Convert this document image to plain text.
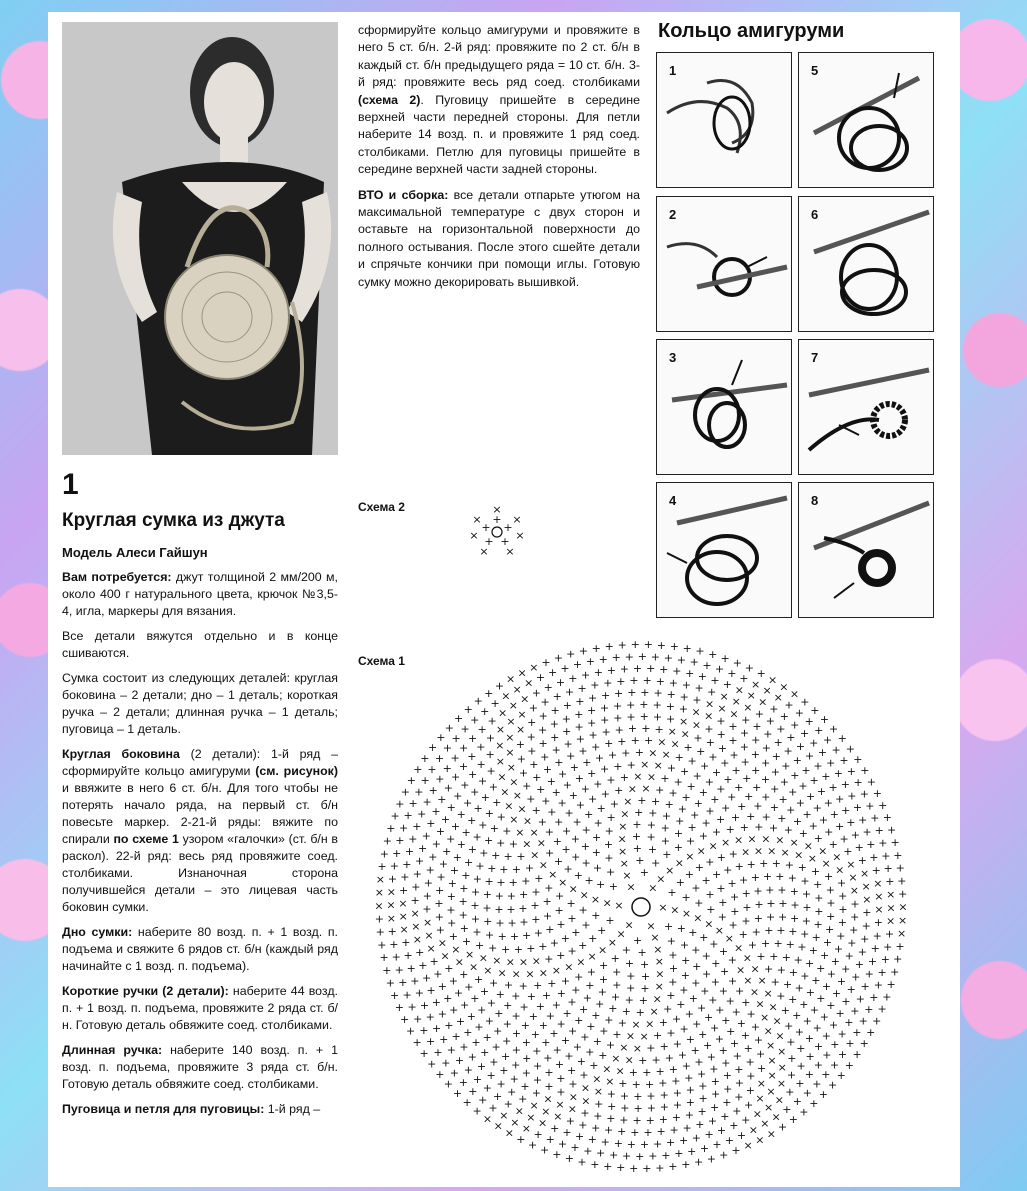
1
Круглая сумка из джута
Модель Алеси Гайшун

Вам потребуется: джут толщиной 2 мм/200 м, около 400 г натурального цвета, крючок №3,5-4, игла, маркеры для вязания.

Все детали вяжутся отдельно и в конце сшиваются.

Сумка состоит из следующих деталей: круглая боковина – 2 детали; дно – 1 деталь; короткая ручка – 2 детали; длинная ручка – 1 деталь; пуговица – 1 деталь.

Круглая боковина (2 детали): 1-й ряд – сформируйте кольцо амигуруми (см. рисунок) и ввяжите в него 6 ст. б/н. Для того чтобы не потерять начало ряда, на первый ст. б/н повесьте маркер. 2-21-й ряды: вяжите по спирали по схеме 1 узором «галочки» (ст. б/н в раскол). 22-й ряд: весь ряд провяжите соед. столбиками. Изнаночная сторона получившейся детали – это лицевая часть боковин сумки.

Дно сумки: наберите 80 возд. п. + 1 возд. п. подъема и свяжите 6 рядов ст. б/н (каждый ряд начинайте с 1 возд. п. подъема).

Короткие ручки (2 детали): наберите 44 возд. п. + 1 возд. п. подъема, провяжите 2 ряда ст. б/н. Готовую деталь обвяжите соед. столбиками.

Длинная ручка: наберите 140 возд. п. + 1 возд. п. подъема, провяжите 3 ряда ст. б/н. Готовую деталь обвяжите соед. столбиками.

Пуговица и петля для пуговицы: 1-й ряд –

сформируйте кольцо амигуруми и провяжите в него 5 ст. б/н. 2-й ряд: провяжите по 2 ст. б/н в каждый ст. б/н предыдущего ряда = 10 ст. б/н. 3-й ряд: провяжите весь ряд соед. столбиками (схема 2). Пуговицу пришейте в середине верхней части передней стороны. Для петли наберите 14 возд. п. и провяжите 1 ряд соед. столбиками. Петлю для пуговицы пришейте в середине верхней части задней стороны.

ВТО и сборка: все детали отпарьте утюгом на максимальной температуре с двух сторон и оставьте на горизонтальной поверхности до полного остывания. После этого сшейте детали и спрячьте кончики при помощи иглы. Готовую сумку можно декорировать вышивкой.

Кольцо амигуруми
1	5
2	6
3	7
4	8
Схема 2
+
+
+
+
+
×
×
×
×
×
×
×
Схема 1
×
×
×
×
× ×
×
+
×
+
×
+
×
+
× + ×
+
×
+
+
×
+
+
×
+
+
×
+
+
× + +
×
+
+
×
+
+
+
×
+
+
+
×
+
+
+
×
+
+
+
× + + +
×
+
+
+
×
+
+
+
+
×
+
+
+
+
×
+
+
+
+
×
+
+
+
+ × + + + +
×
+
+
+
+
×
+
+
+
+
+
×
+
+
+
+
+
×
+
+
+
+
+
×
+
+
+
+
+ × + + + +
+
×
+
+
+
+
+
×
+
+
+
+
+
+
×
+
+
+
+
+
+
×
+
+
+
+
+
+
×
+
+
+
+
+ + × + + + +
+
+
×
+
+
+
+
+
+
×
+
+
+
+
+
+
+
×
+
+
+
+
+
+
+
×
+
+
+
+
+
+
+
×
+
+
+
+
+ + + × + + + + +
+
+
×
+
+
+
+
+
+
+
×
×
+
+
+
+
+
+
+
×
×
+
+
+
+
+
+
+
×
×
+
+
+
+
+
+
+
×
×
+
+
+
+ + + + × × + + + +
+
+
+
×
×
+
+
+
+
+
+
+
×
×
+
+
+
+
+
+
+
+
×
×
+
+
+
+
+
+
+
+
×
×
+
+
+
+
+
+
+
+
×
×
+
+
+
+ + + + + × × + + + +
+
+
+
+
×
×
+
+
+
+
+
+
+
+
×
×
+
+
+
+
+
+
+
+
+
×
×
+
+
+
+
+
+
+
+
+
×
×
+
+
+
+
+
+
+
+
+
×
×
+
+
+
+ + + + + + × × + + + +
+
+
+
+
+
×
×
+
+
+
+
+
+
+
+
+
×
×
+
+
+
+
+
+
+
+
+
+
×
×
+
+
+
+
+
+
+
+
+
+
×
×
+
+
+
+
+
+
+
+
+
+
×
×
+
+
+
+ + + + + + + × × + + + +
+
+
+
+
+
+
×
×
+
+
+
+
+
+
+
+
+
+
×
×
+
+
+
+
+
+
+
+
+
+
+
×
×
+
+
+
+
+
+
+
+
+
+
+
×
×
+
+
+
+
+
+
+
+
+
+
+
×
×
+
+
+
+ + + + + + + + × × + + + +
+
+
+
+
+
+
+
×
×
+
+
+
+
+
+
+
+
+
+
+
×
×
+
+
+
+
+
+
+
+
+
+
+
+
×
×
+
+
+
+
+
+
+
+
+
+
+
+
×
×
+
+
+
+
+
+
+
+
+
+
+
+
×
×
+
+
+
+ + + + + + + + + × × + + + +
+
+
+
+
+
+
+
+
×
×
+
+
+
+
+
+
+
+
+
+
+
+
×
×
+
+
+
+
+
+
+
+
+
+
+
+
+
×
×
+
+
+
+
+
+
+
+
+
+
+
+
+
×
×
+
+
+
+
+
+
+
+
+
+
+
+
+
×
×
+
+
+ + + + + + + + + + + × × + + +
+
+
+
+
+
+
+
+
+
+
×
×
+
+
+
+
+
+
+
+
+
+
+
+
+
×
×
+
+
+
+
+
+
+
+
+
+
+
+
+
+
×
×
+
+
+
+
+
+
+
+
+
+
+
+
+
+
×
×
+
+
+
+
+
+
+
+
+
+
+
+
+
+
×
×
+
+
+ + + + + + + + + + + + × × + + +
+
+
+
+
+
+
+
+
+
+
+
×
×
+
+
+
+
+
+
+
+
+
+
+
+
+
+
×
×
×
+
+
+
+
+
+
+
+
+
+
+
+
+
+
×
×
×
+
+
+
+
+
+
+
+
+
+
+
+
+
+
×
×
×
+
+
+
+
+
+
+
+
+
+
+
+
+
+
×
×
×
+ + + + + + + + + + + + + + × × × +
+
+
+
+
+
+
+
+
+
+
+
+
+
×
×
×
+
+
+
+
+
+
+
+
+
+
+
+
+
+
×
×
×
+
+
+
+
+
+
+
+
+
+
+
+
+
+
+
×
×
×
+
+
+
+
+
+
+
+
+
+
+
+
+
+
+
×
×
×
+
+
+
+
+
+
+
+
+
+
+
+
+
+
+
×
×
×
+ + + + + + + + + + + + + + + × × × +
+
+
+
+
+
+
+
+
+
+
+
+
+
+
×
×
×
+
+
+
+
+
+
+
+
+
+
+
+
+
+
+
×
×
×
+
+
+
+
+
+
+
+
+
+
+
+
+
+
+
+
×
×
×
+
+
+
+
+
+
+
+
+
+
+
+
+
+
+
+
×
×
×
+
+
+
+
+
+
+
+
+
+
+
+
+
+
+
+
×
×
× + + + + + + + + + + + + + + + + × × ×
+
+
+
+
+
+
+
+
+
+
+
+
+
+
+
+
×
×
×
+
+
+
+
+
+
+
+
+
+
+
+
+
+
+
+
×
×
×
+
+
+
+
+
+
+
+
+
+
+
+
+
+
+
+
+
×
×
×
+
+
+
+
+
+
+
+
+
+
+
+
+
+
+
+
+
×
×
×
+
+
+
+
+
+
+
+
+
+
+
+
+
+
+
+
+
×
× × + + + + + + + + + + + + + + + + + × ×
×
+
+
+
+
+
+
+
+
+
+
+
+
+
+
+
+
+
×
×
×
+
+
+
+
+
+
+
+
+
+
+
+
+
+
+
+
+
×
×
×
+
+
+
+
+
+
+
+
+
+
+
+
+
+
+
+
+
+
×
×
×
+
+
+
+
+
+
+
+
+
+
+
+
+
+
+
+
+
+
×
×
×
+
+
+
+
+
+
+
+
+
+
+
+
+
+
+
+
+
+
× × × + + + + + + + + + + + + + + + + + + ×
×
×
+
+
+
+
+
+
+
+
+
+
+
+
+
+
+
+
+
+
×
×
×
+
+
+
+
+
+
+
+
+
+
+
+
+
+
+
+
+
+
